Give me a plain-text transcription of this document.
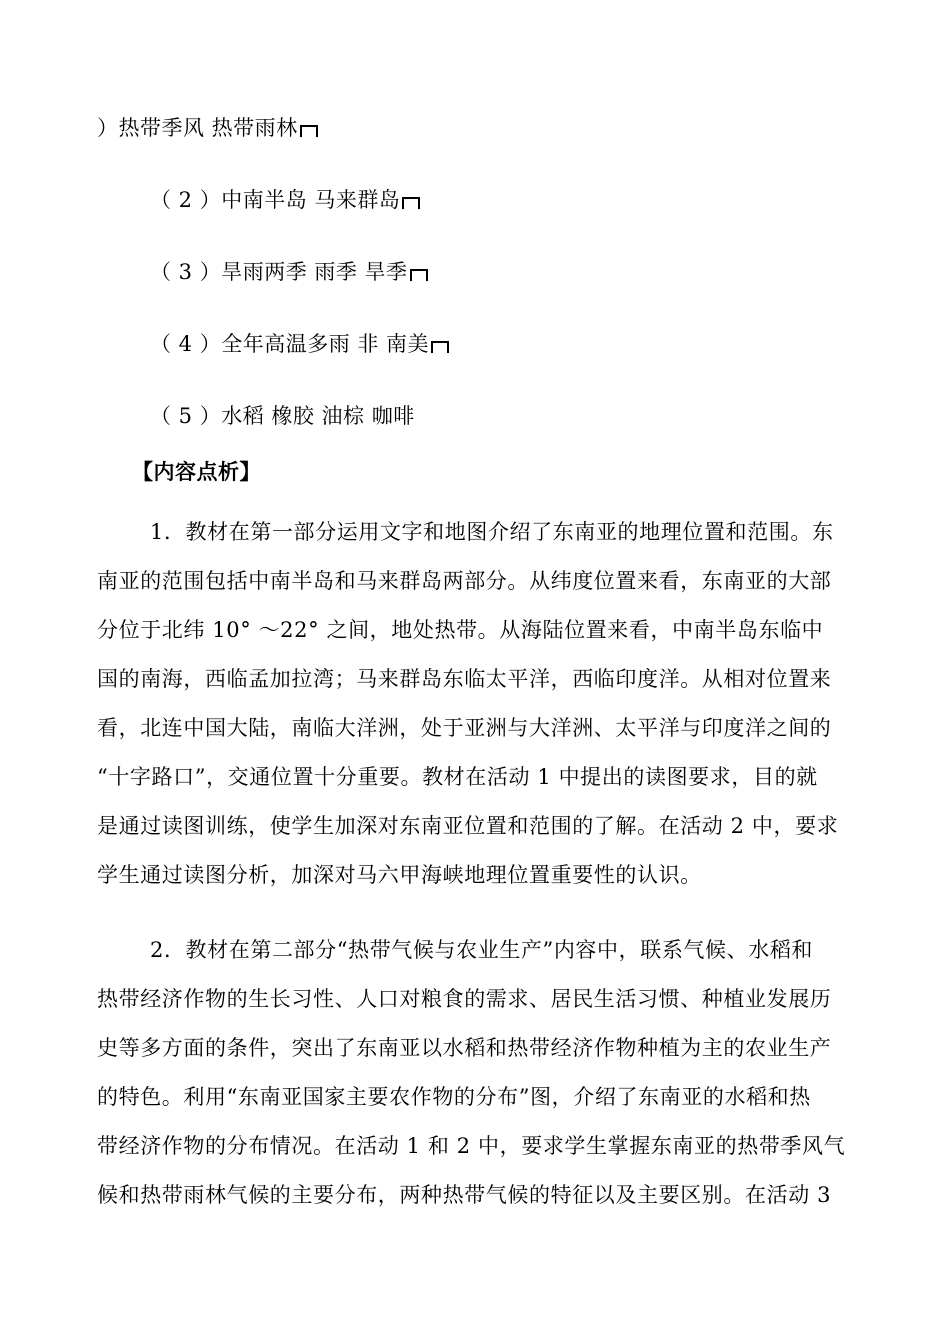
）热带季风 热带雨林
（ 2 ）中南半岛 马来群岛
（ 3 ）旱雨两季 雨季 旱季
（ 4 ）全年高温多雨 非 南美
（ 5 ）水稻 橡胶 油棕 咖啡
【内容点析】
1．教材在第一部分运用文字和地图介绍了东南亚的地理位置和范围。东
南亚的范围包括中南半岛和马来群岛两部分。从纬度位置来看，东南亚的大部
分位于北纬 10° ～22° 之间，地处热带。从海陆位置来看，中南半岛东临中
国的南海，西临孟加拉湾；马来群岛东临太平洋，西临印度洋。从相对位置来
看，北连中国大陆，南临大洋洲，处于亚洲与大洋洲、太平洋与印度洋之间的
“十字路口”，交通位置十分重要。教材在活动 1 中提出的读图要求，目的就
是通过读图训练，使学生加深对东南亚位置和范围的了解。在活动 2 中，要求
学生通过读图分析，加深对马六甲海峡地理位置重要性的认识。
2．教材在第二部分“热带气候与农业生产”内容中，联系气候、水稻和
热带经济作物的生长习性、人口对粮食的需求、居民生活习惯、种植业发展历
史等多方面的条件，突出了东南亚以水稻和热带经济作物种植为主的农业生产
的特色。利用“东南亚国家主要农作物的分布”图，介绍了东南亚的水稻和热
带经济作物的分布情况。在活动 1 和 2 中，要求学生掌握东南亚的热带季风气
候和热带雨林气候的主要分布，两种热带气候的特征以及主要区别。在活动 3
